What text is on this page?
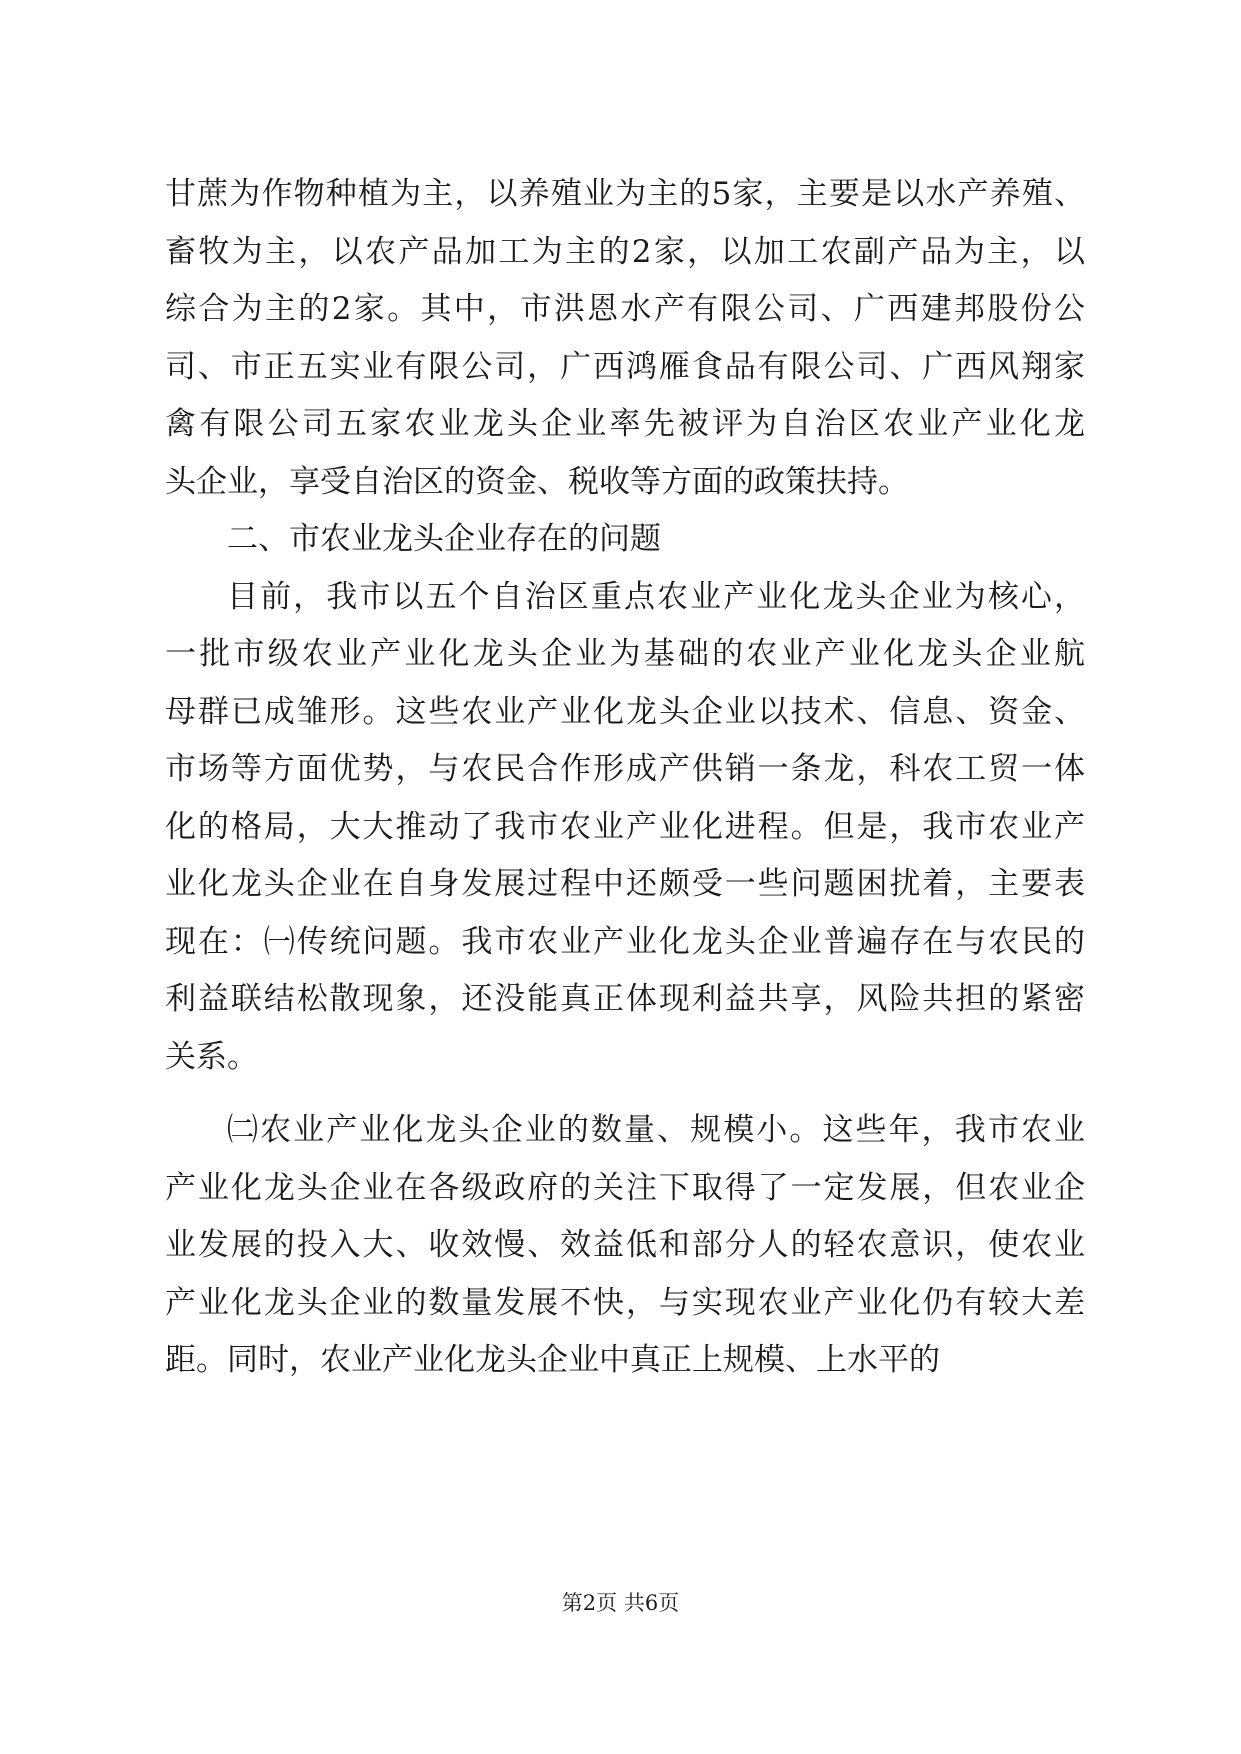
甘蔗为作物种植为主，以养殖业为主的5家，主要是以水产养殖、
畜牧为主，以农产品加工为主的2家，以加工农副产品为主，以
综合为主的2家。其中，市洪恩水产有限公司、广西建邦股份公
司、市正五实业有限公司，广西鸿雁食品有限公司、广西风翔家
禽有限公司五家农业龙头企业率先被评为自治区农业产业化龙
头企业，享受自治区的资金、税收等方面的政策扶持。
二、市农业龙头企业存在的问题
目前，我市以五个自治区重点农业产业化龙头企业为核心，
一批市级农业产业化龙头企业为基础的农业产业化龙头企业航
母群已成雏形。这些农业产业化龙头企业以技术、信息、资金、
市场等方面优势，与农民合作形成产供销一条龙，科农工贸一体
化的格局，大大推动了我市农业产业化进程。但是，我市农业产
业化龙头企业在自身发展过程中还颇受一些问题困扰着，主要表
现在：㈠传统问题。我市农业产业化龙头企业普遍存在与农民的
利益联结松散现象，还没能真正体现利益共享，风险共担的紧密
关系。
㈡农业产业化龙头企业的数量、规模小。这些年，我市农业
产业化龙头企业在各级政府的关注下取得了一定发展，但农业企
业发展的投入大、收效慢、效益低和部分人的轻农意识，使农业
产业化龙头企业的数量发展不快，与实现农业产业化仍有较大差
距。同时，农业产业化龙头企业中真正上规模、上水平的
第2页 共6页
